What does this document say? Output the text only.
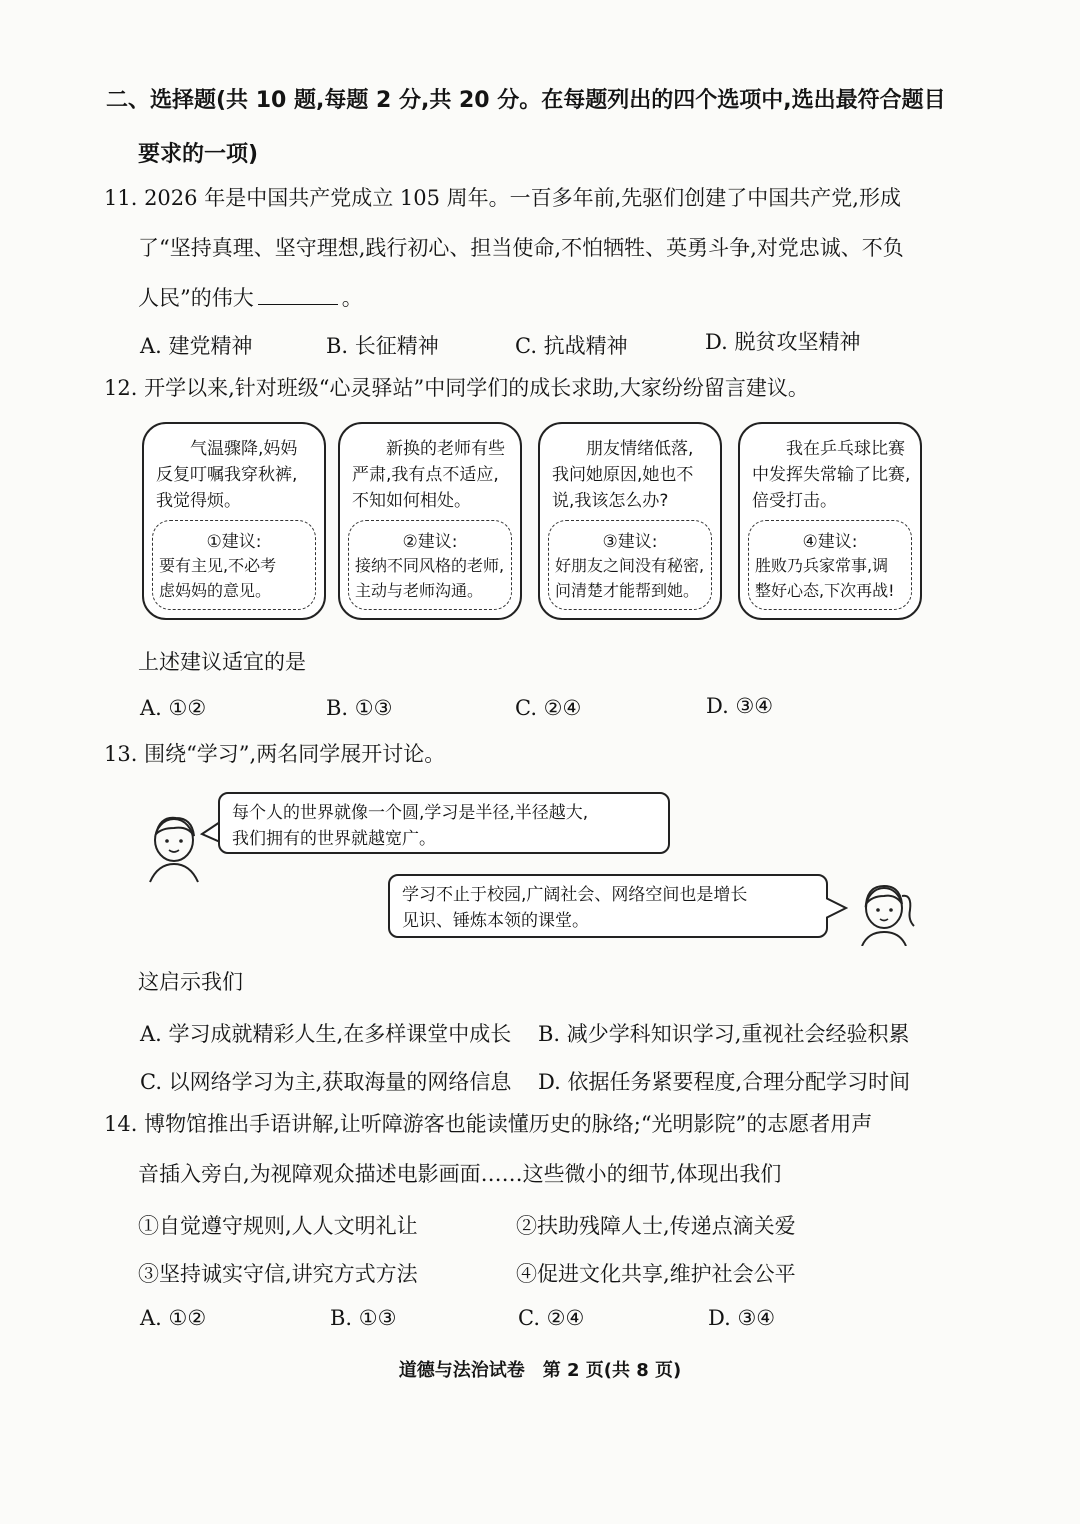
二、选择题(共 10 题,每题 2 分,共 20 分。在每题列出的四个选项中,选出最符合题目
要求的一项)
11. 2026 年是中国共产党成立 105 周年。一百多年前,先驱们创建了中国共产党,形成
了“坚持真理、坚守理想,践行初心、担当使命,不怕牺牲、英勇斗争,对党忠诚、不负
人民”的伟大	。
A. 建党精神	B. 长征精神	C. 抗战精神	D. 脱贫攻坚精神
12. 开学以来,针对班级“心灵驿站”中同学们的成长求助,大家纷纷留言建议。
　　气温骤降,妈妈
反复叮嘱我穿秋裤,
我觉得烦。
①建议:
要有主见,不必考
虑妈妈的意见。
　　新换的老师有些
严肃,我有点不适应,
不知如何相处。
②建议:
接纳不同风格的老师,
主动与老师沟通。
　　朋友情绪低落,
我问她原因,她也不
说,我该怎么办?
③建议:
好朋友之间没有秘密,
问清楚才能帮到她。
　　我在乒乓球比赛
中发挥失常输了比赛,
倍受打击。
④建议:
胜败乃兵家常事,调
整好心态,下次再战!
上述建议适宜的是
A. ①②	B. ①③	C. ②④	D. ③④
13. 围绕“学习”,两名同学展开讨论。
每个人的世界就像一个圆,学习是半径,半径越大,
我们拥有的世界就越宽广。
学习不止于校园,广阔社会、网络空间也是增长
见识、锤炼本领的课堂。
这启示我们
A. 学习成就精彩人生,在多样课堂中成长 B. 减少学科知识学习,重视社会经验积累
C. 以网络学习为主,获取海量的网络信息 D. 依据任务紧要程度,合理分配学习时间
14. 博物馆推出手语讲解,让听障游客也能读懂历史的脉络;“光明影院”的志愿者用声
音插入旁白,为视障观众描述电影画面……这些微小的细节,体现出我们
①自觉遵守规则,人人文明礼让	②扶助残障人士,传递点滴关爱
③坚持诚实守信,讲究方式方法	④促进文化共享,维护社会公平
A. ①②	B. ①③	C. ②④	D. ③④
道德与法治试卷　第 2 页(共 8 页)
